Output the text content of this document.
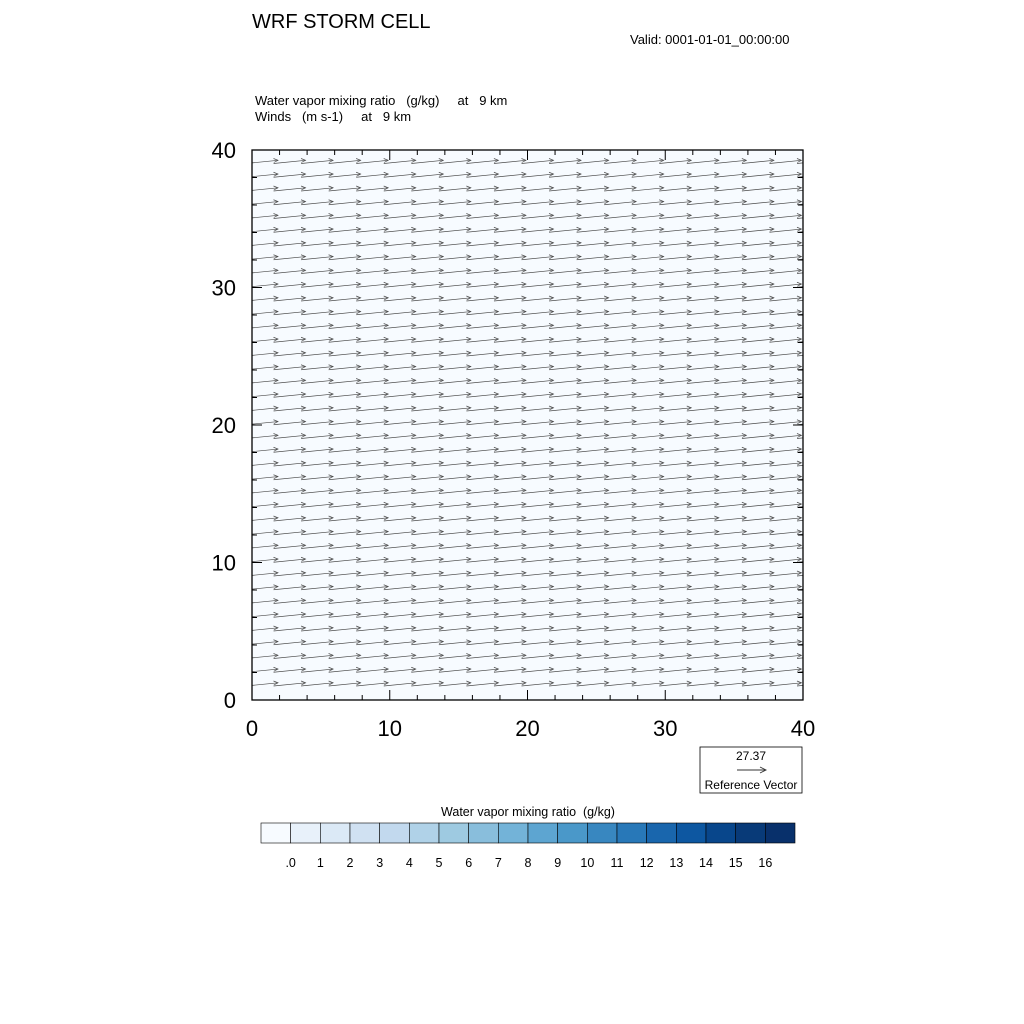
WRF STORM CELL
Valid: 0001-01-01_00:00:00
Water vapor mixing ratio   (g/kg)     at   9 km
Winds   (m s-1)     at   9 km
0	10	20	30	40
0
10
20
30
40
27.37
Reference Vector
Water vapor mixing ratio  (g/kg)
.0 1 2 3 4 5 6 7 8 9 10 11 12 13 14 15 16
